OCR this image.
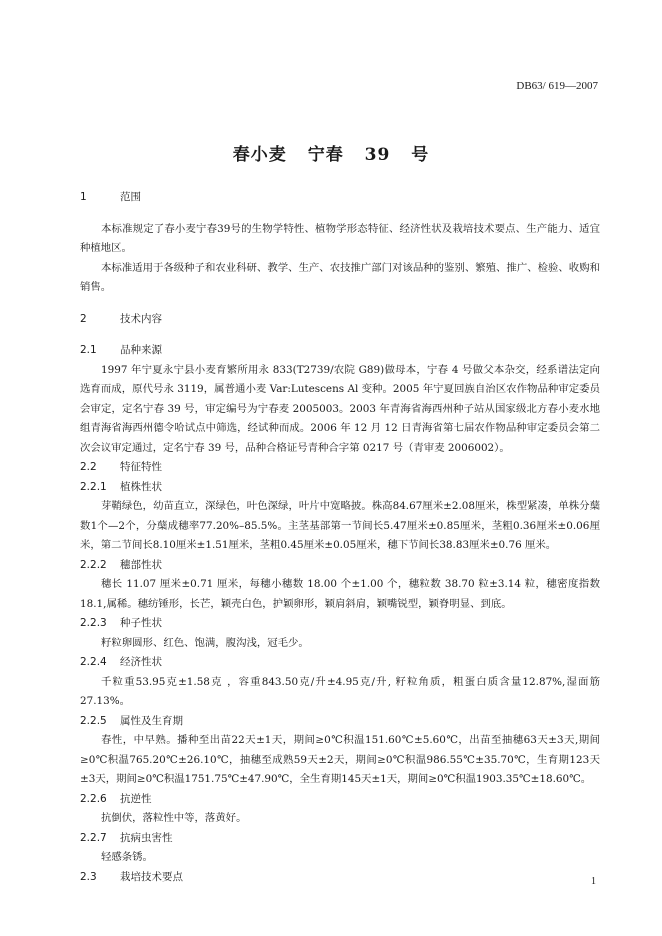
DB63/ 619—2007
春小麦 宁春 39 号

1	范围

本标准规定了春小麦宁春39号的生物学特性、植物学形态特征、经济性状及栽培技术要点、生产能力、适宜种植地区。

本标准适用于各级种子和农业科研、教学、生产、农技推广部门对该品种的鉴别、繁殖、推广、检验、收购和销售。

2	技术内容

2.1 品种来源

1997 年宁夏永宁县小麦育繁所用永 833(T2739/农院 G89)做母本，宁春 4 号做父本杂交，经系谱法定向选育而成，原代号永 3119，属普通小麦 Var:Lutescens Al 变种。2005 年宁夏回族自治区农作物品种审定委员会审定，定名宁春 39 号，审定编号为宁春麦 2005003。2003 年青海省海西州种子站从国家级北方春小麦水地组青海省海西州德令哈试点中筛选，经试种而成。2006 年 12 月 12 日青海省第七届农作物品种审定委员会第二次会议审定通过，定名宁春 39 号，品种合格证号青种合字第 0217 号（青审麦 2006002）。

2.2 特征特性

2.2.1 植株性状

芽鞘绿色，幼苗直立，深绿色，叶色深绿，叶片中宽略披。株高84.67厘米±2.08厘米，株型紧凑，单株分蘖数1个—2个，分蘖成穗率77.20%–85.5%。主茎基部第一节间长5.47厘米±0.85厘米，茎粗0.36厘米±0.06厘米，第二节间长8.10厘米±1.51厘米，茎粗0.45厘米±0.05厘米，穗下节间长38.83厘米±0.76 厘米。

2.2.2 穗部性状

穗长 11.07 厘米±0.71 厘米，每穗小穗数 18.00 个±1.00 个，穗粒数 38.70 粒±3.14 粒，穗密度指数 18.1,属稀。穗纺锤形，长芒，颖壳白色，护颖卵形，颖肩斜肩，颖嘴锐型，颖脊明显、到底。

2.2.3 种子性状

籽粒卵圆形、红色、饱满，腹沟浅，冠毛少。

2.2.4 经济性状

千粒重53.95克±1.58克 ，容重843.50克/升±4.95克/升, 籽粒角质，粗蛋白质含量12.87%,湿面筋27.13%。

2.2.5 属性及生育期

春性，中早熟。播种至出苗22天±1天，期间≥0℃积温151.60℃±5.60℃，出苗至抽穗63天±3天,期间≥0℃积温765.20℃±26.10℃，抽穗至成熟59天±2天，期间≥0℃积温986.55℃±35.70℃，生育期123天±3天，期间≥0℃积温1751.75℃±47.90℃，全生育期145天±1天，期间≥0℃积温1903.35℃±18.60℃。

2.2.6 抗逆性

抗倒伏，落粒性中等，落黄好。

2.2.7 抗病虫害性

轻感条锈。

2.3 栽培技术要点	1
